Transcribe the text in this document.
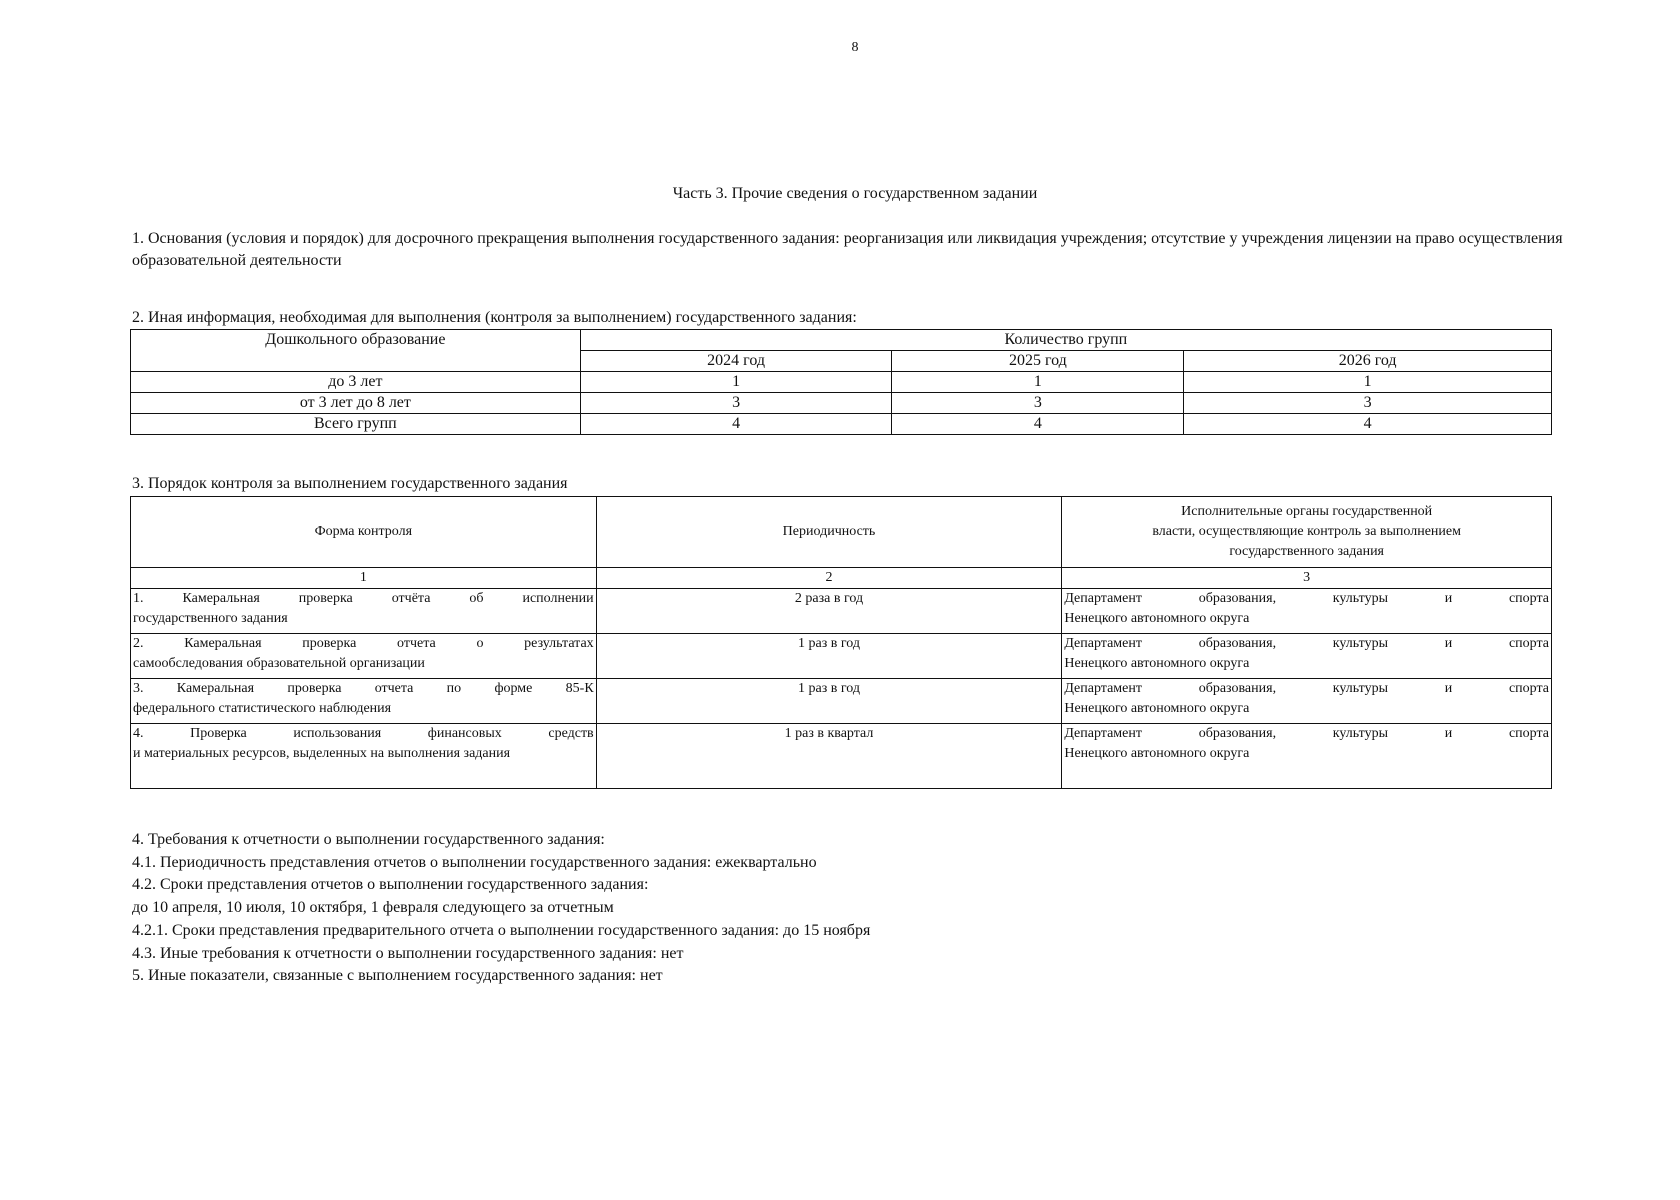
8
Часть 3. Прочие сведения о государственном задании
1. Основания (условия и порядок) для досрочного прекращения выполнения государственного задания: реорганизация или ликвидация учреждения; отсутствие у учреждения лицензии на право осуществления образовательной деятельности
2. Иная информация, необходимая для выполнения (контроля за выполнением) государственного задания:
Дошкольного образование	Количество групп		
	2024 год	2025 год	2026 год
до 3 лет	1	1	1
от 3 лет до 8 лет	3	3	3
Всего групп	4	4	4
3. Порядок контроля за выполнением государственного задания
Форма контроля	Периодичность	Исполнительные органы государственной
власти, осуществляющие контроль за выполнением
государственного задания

1	2	3

1. Камеральная проверка отчёта об исполнении
государственного задания	2 раза в год	Департамент образования, культуры и спорта
Ненецкого автономного округа

2. Камеральная проверка отчета о результатах
самообследования образовательной организации	1 раз в год	Департамент образования, культуры и спорта
Ненецкого автономного округа

3. Камеральная проверка отчета по форме 85-К
федерального статистического наблюдения	1 раз в год	Департамент образования, культуры и спорта
Ненецкого автономного округа

4. Проверка использования финансовых средств
и материальных ресурсов, выделенных на выполнения задания	1 раз в квартал	Департамент образования, культуры и спорта
Ненецкого автономного округа
4. Требования к отчетности о выполнении государственного задания:
4.1. Периодичность представления отчетов о выполнении государственного задания: ежеквартально
4.2. Сроки представления отчетов о выполнении государственного задания:
до 10 апреля, 10 июля, 10 октября, 1 февраля следующего за отчетным
4.2.1. Сроки представления предварительного отчета о выполнении государственного задания: до 15 ноября
4.3. Иные требования к отчетности о выполнении государственного задания: нет
5. Иные показатели, связанные с выполнением государственного задания: нет
